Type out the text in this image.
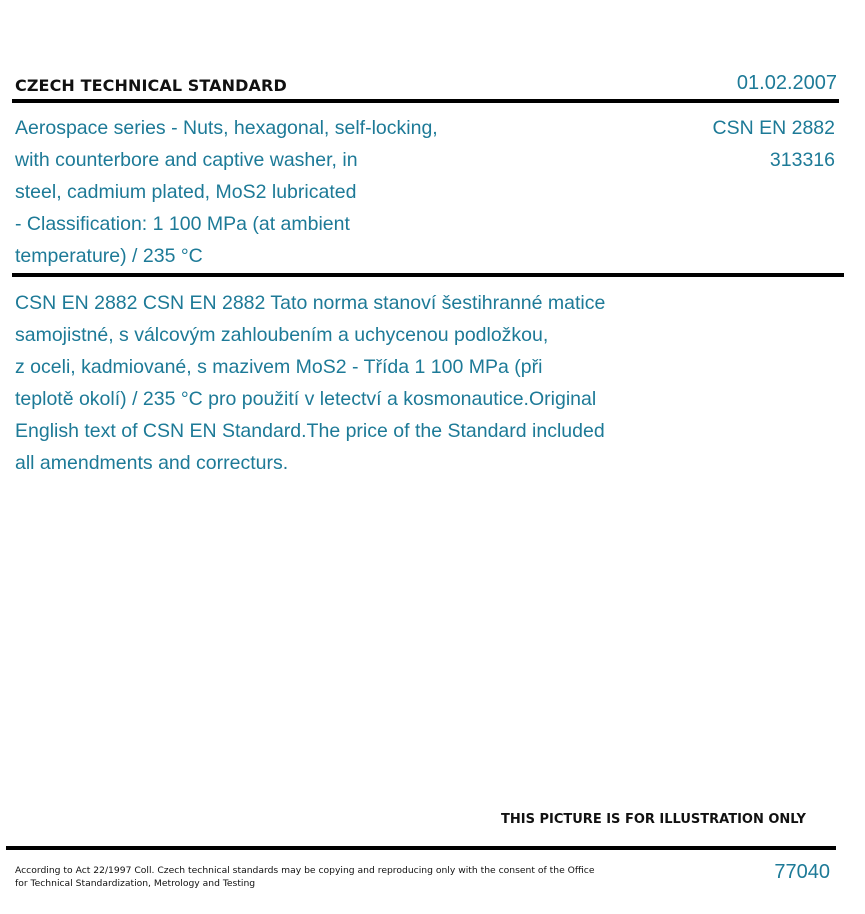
CZECH TECHNICAL STANDARD	01.02.2007
Aerospace series - Nuts, hexagonal, self-locking,
with counterbore and captive washer, in
steel, cadmium plated, MoS2 lubricated
- Classification: 1 100 MPa (at ambient
temperature) / 235 °C
CSN EN 2882
313316
CSN EN 2882 CSN EN 2882 Tato norma stanoví šestihranné matice
samojistné, s válcovým zahloubením a uchycenou podložkou,
z oceli, kadmiované, s mazivem MoS2 - Třída 1 100 MPa (při
teplotě okolí) / 235 °C pro použití v letectví a kosmonautice.Original
English text of CSN EN Standard.The price of the Standard included
all amendments and correcturs.
THIS PICTURE IS FOR ILLUSTRATION ONLY
According to Act 22/1997 Coll. Czech technical standards may be copying and reproducing only with the consent of the Office
for Technical Standardization, Metrology and Testing
77040
